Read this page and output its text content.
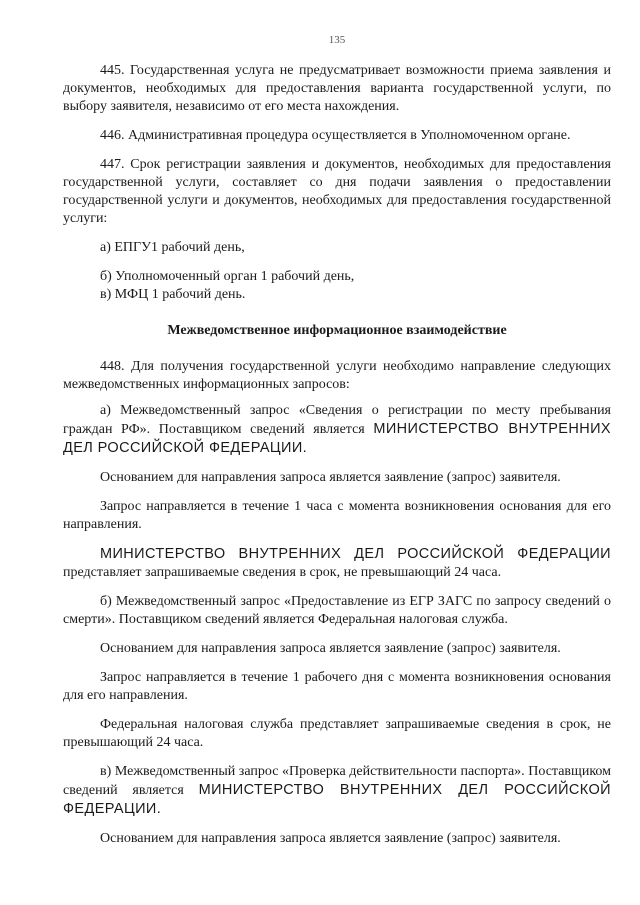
135

445. Государственная услуга не предусматривает возможности приема заявления и документов, необходимых для предоставления варианта государственной услуги, по выбору заявителя, независимо от его места нахождения.

446. Административная процедура осуществляется в Уполномоченном органе.

447. Срок регистрации заявления и документов, необходимых для предоставления государственной услуги, составляет со дня подачи заявления о предоставлении государственной услуги и документов, необходимых для предоставления государственной услуги:

а) ЕПГУ1 рабочий день,

б) Уполномоченный орган 1 рабочий день,

в) МФЦ 1 рабочий день.

Межведомственное информационное взаимодействие

448. Для получения государственной услуги необходимо направление следующих межведомственных информационных запросов:

а) Межведомственный запрос «Сведения о регистрации по месту пребывания граждан РФ». Поставщиком сведений является МИНИСТЕРСТВО ВНУТРЕННИХ ДЕЛ РОССИЙСКОЙ ФЕДЕРАЦИИ.

Основанием для направления запроса является заявление (запрос) заявителя.

Запрос направляется в течение 1 часа с момента возникновения основания для его направления.

МИНИСТЕРСТВО ВНУТРЕННИХ ДЕЛ РОССИЙСКОЙ ФЕДЕРАЦИИ представляет запрашиваемые сведения в срок, не превышающий 24 часа.

б) Межведомственный запрос «Предоставление из ЕГР ЗАГС по запросу сведений о смерти». Поставщиком сведений является Федеральная налоговая служба.

Основанием для направления запроса является заявление (запрос) заявителя.

Запрос направляется в течение 1 рабочего дня с момента возникновения основания для его направления.

Федеральная налоговая служба представляет запрашиваемые сведения в срок, не превышающий 24 часа.

в) Межведомственный запрос «Проверка действительности паспорта». Поставщиком сведений является МИНИСТЕРСТВО ВНУТРЕННИХ ДЕЛ РОССИЙСКОЙ ФЕДЕРАЦИИ.

Основанием для направления запроса является заявление (запрос) заявителя.
